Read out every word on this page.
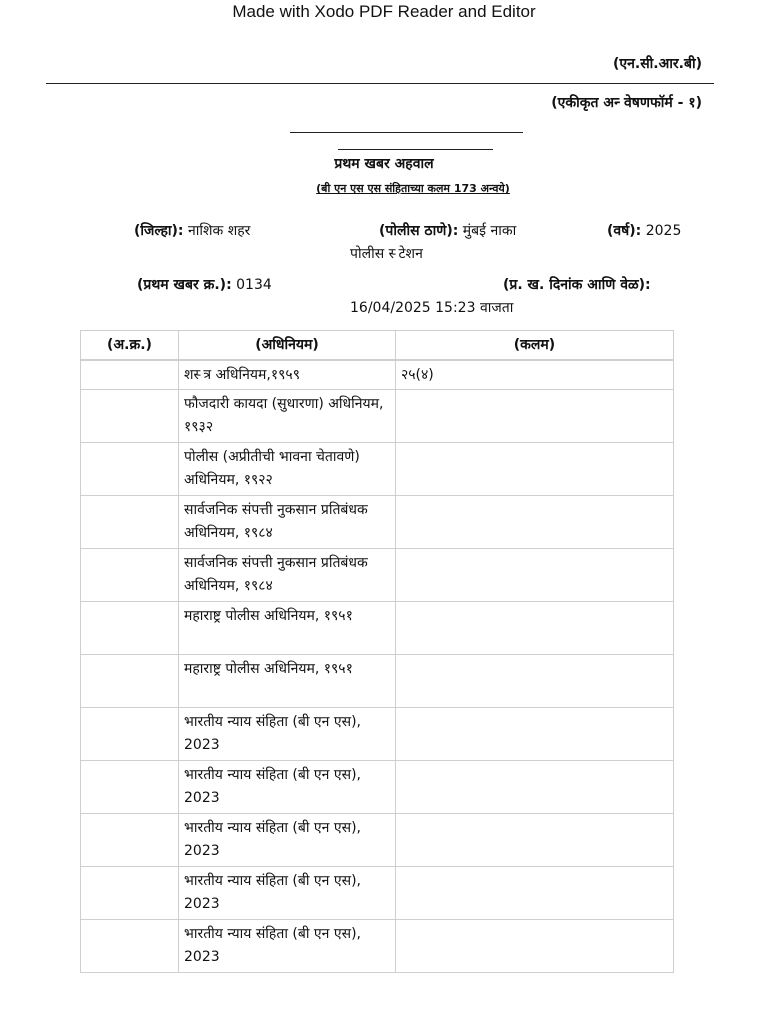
Made with Xodo PDF Reader and Editor
(एन.सी.आर.बी)
(एकीकृत अन्‍ वेषणफॉर्म - १)
प्रथम खबर अहवाल
(बी एन एस एस संहिताच्या कलम 173 अन्वये)
(जिल्हा): नाशिक शहर	(पोलीस ठाणे): मुंबई नाका
पोलीस स्‍ टेशन
(वर्ष): 2025
(प्रथम खबर क्र.): 0134	(प्र. ख. दिनांक आणि वेळ):
16/04/2025 15:23 वाजता
(अ.क्र.)	(अधिनियम)	(कलम)
	शस्‍ त्र अधिनियम,१९५९	२५(४)
	फौजदारी कायदा (सुधारणा) अधिनियम, १९३२	
	पोलीस (अप्रीतीची भावना चेतावणे) अधिनियम, १९२२	
	सार्वजनिक संपत्ती नुकसान प्रतिबंधक अधिनियम, १९८४	
	सार्वजनिक संपत्ती नुकसान प्रतिबंधक अधिनियम, १९८४	
	महाराष्ट्र पोलीस अधिनियम, १९५१	
	महाराष्ट्र पोलीस अधिनियम, १९५१	
	भारतीय न्याय संहिता (बी एन एस), 2023	
	भारतीय न्याय संहिता (बी एन एस), 2023	
	भारतीय न्याय संहिता (बी एन एस), 2023	
	भारतीय न्याय संहिता (बी एन एस), 2023	
	भारतीय न्याय संहिता (बी एन एस), 2023	
